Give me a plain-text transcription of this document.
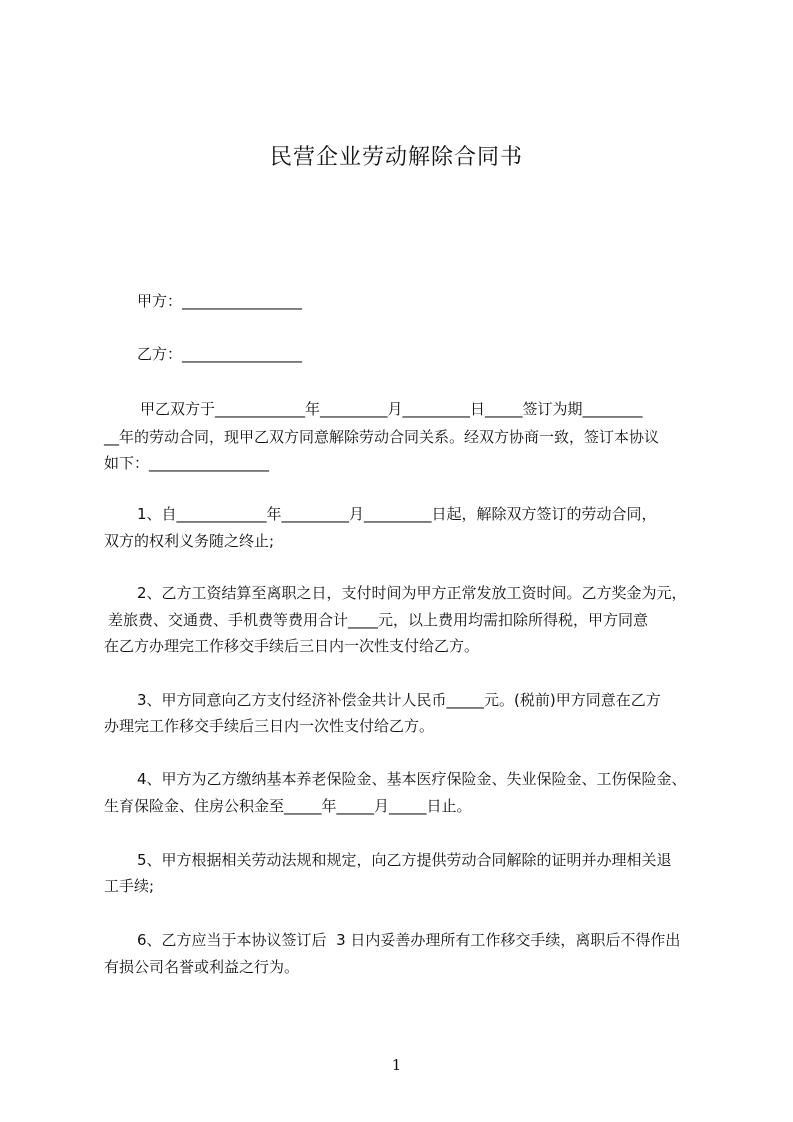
民营企业劳动解除合同书
甲方：________________
乙方：________________
甲乙双方于____________年_________月_________日_____签订为期________
__年的劳动合同，现甲乙双方同意解除劳动合同关系。经双方协商一致，签订本协议
如下：________________
1、自____________年_________月_________日起，解除双方签订的劳动合同，
双方的权利义务随之终止;
2、乙方工资结算至离职之日，支付时间为甲方正常发放工资时间。乙方奖金为元，
差旅费、交通费、手机费等费用合计____元，以上费用均需扣除所得税，甲方同意
在乙方办理完工作移交手续后三日内一次性支付给乙方。
3、甲方同意向乙方支付经济补偿金共计人民币_____元。(税前)甲方同意在乙方
办理完工作移交手续后三日内一次性支付给乙方。
4、甲方为乙方缴纳基本养老保险金、基本医疗保险金、失业保险金、工伤保险金、
生育保险金、住房公积金至_____年_____月_____日止。
5、甲方根据相关劳动法规和规定，向乙方提供劳动合同解除的证明并办理相关退
工手续;
6、乙方应当于本协议签订后  3 日内妥善办理所有工作移交手续，离职后不得作出
有损公司名誉或利益之行为。
1
